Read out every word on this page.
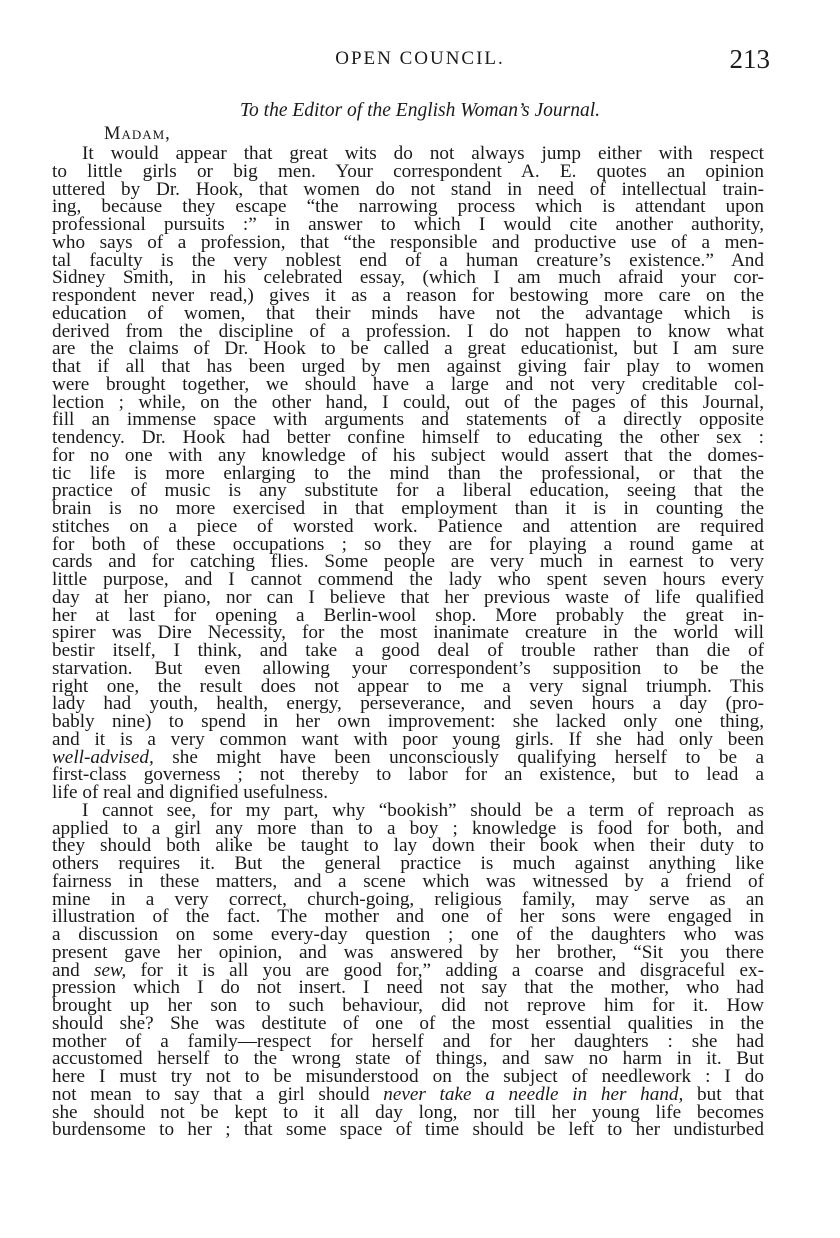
OPEN COUNCIL.	213
To the Editor of the English Woman’s Journal.
Madam,
It would appear that great wits do not always jump either with respect
to little girls or big men. Your correspondent A. E. quotes an opinion
uttered by Dr. Hook, that women do not stand in need of intellectual train-
ing, because they escape “the narrowing process which is attendant upon
professional pursuits :” in answer to which I would cite another authority,
who says of a profession, that “the responsible and productive use of a men-
tal faculty is the very noblest end of a human creature’s existence.” And
Sidney Smith, in his celebrated essay, (which I am much afraid your cor-
respondent never read,) gives it as a reason for bestowing more care on the
education of women, that their minds have not the advantage which is
derived from the discipline of a profession. I do not happen to know what
are the claims of Dr. Hook to be called a great educationist, but I am sure
that if all that has been urged by men against giving fair play to women
were brought together, we should have a large and not very creditable col-
lection ; while, on the other hand, I could, out of the pages of this Journal,
fill an immense space with arguments and statements of a directly opposite
tendency. Dr. Hook had better confine himself to educating the other sex :
for no one with any knowledge of his subject would assert that the domes-
tic life is more enlarging to the mind than the professional, or that the
practice of music is any substitute for a liberal education, seeing that the
brain is no more exercised in that employment than it is in counting the
stitches on a piece of worsted work. Patience and attention are required
for both of these occupations ; so they are for playing a round game at
cards and for catching flies. Some people are very much in earnest to very
little purpose, and I cannot commend the lady who spent seven hours every
day at her piano, nor can I believe that her previous waste of life qualified
her at last for opening a Berlin-wool shop. More probably the great in-
spirer was Dire Necessity, for the most inanimate creature in the world will
bestir itself, I think, and take a good deal of trouble rather than die of
starvation. But even allowing your correspondent’s supposition to be the
right one, the result does not appear to me a very signal triumph. This
lady had youth, health, energy, perseverance, and seven hours a day (pro-
bably nine) to spend in her own improvement: she lacked only one thing,
and it is a very common want with poor young girls. If she had only been
well-advised, she might have been unconsciously qualifying herself to be a
first-class governess ; not thereby to labor for an existence, but to lead a
life of real and dignified usefulness.
I cannot see, for my part, why “bookish” should be a term of reproach as
applied to a girl any more than to a boy ; knowledge is food for both, and
they should both alike be taught to lay down their book when their duty to
others requires it. But the general practice is much against anything like
fairness in these matters, and a scene which was witnessed by a friend of
mine in a very correct, church-going, religious family, may serve as an
illustration of the fact. The mother and one of her sons were engaged in
a discussion on some every-day question ; one of the daughters who was
present gave her opinion, and was answered by her brother, “Sit you there
and sew, for it is all you are good for,” adding a coarse and disgraceful ex-
pression which I do not insert. I need not say that the mother, who had
brought up her son to such behaviour, did not reprove him for it. How
should she? She was destitute of one of the most essential qualities in the
mother of a family—respect for herself and for her daughters : she had
accustomed herself to the wrong state of things, and saw no harm in it. But
here I must try not to be misunderstood on the subject of needlework : I do
not mean to say that a girl should never take a needle in her hand, but that
she should not be kept to it all day long, nor till her young life becomes
burdensome to her ; that some space of time should be left to her undisturbed
